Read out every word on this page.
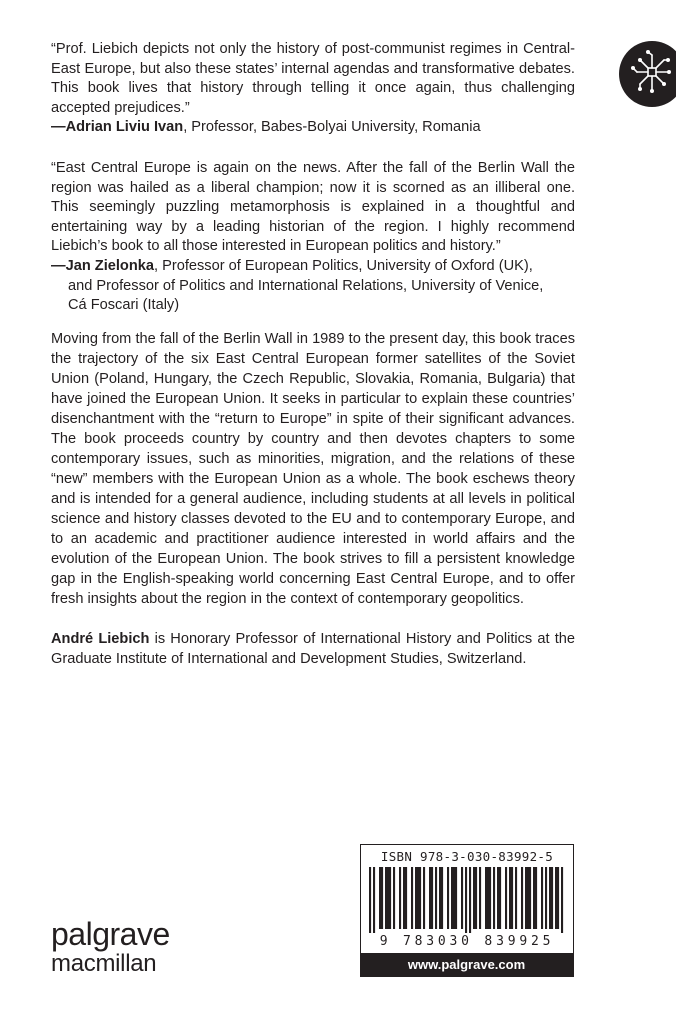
“Prof. Liebich depicts not only the history of post-communist regimes in Central-East Europe, but also these states’ internal agendas and transformative debates. This book lives that history through telling it once again, thus challenging accepted prejudices.”
—Adrian Liviu Ivan, Professor, Babes-Bolyai University, Romania
“East Central Europe is again on the news. After the fall of the Berlin Wall the region was hailed as a liberal champion; now it is scorned as an illiberal one. This seemingly puzzling metamorphosis is explained in a thoughtful and entertaining way by a leading historian of the region. I highly recommend Liebich’s book to all those interested in European politics and history.”
—Jan Zielonka, Professor of European Politics, University of Oxford (UK),
and Professor of Politics and International Relations, University of Venice,
Cá Foscari (Italy)
Moving from the fall of the Berlin Wall in 1989 to the present day, this book traces the trajectory of the six East Central European former satellites of the Soviet Union (Poland, Hungary, the Czech Republic, Slovakia, Romania, Bulgaria) that have joined the European Union. It seeks in particular to explain these countries’ disenchantment with the “return to Europe” in spite of their significant advances. The book proceeds country by country and then devotes chapters to some contemporary issues, such as minorities, migration, and the relations of these “new” members with the European Union as a whole. The book eschews theory and is intended for a general audience, including students at all levels in political science and history classes devoted to the EU and to contemporary Europe, and to an academic and practitioner audience interested in world affairs and the evolution of the European Union. The book strives to fill a persistent knowledge gap in the English-speaking world concerning East Central Europe, and to offer fresh insights about the region in the context of contemporary geopolitics.
André Liebich is Honorary Professor of International History and Politics at the Graduate Institute of International and Development Studies, Switzerland.
ISBN 978-3-030-83992-5
9 783030 839925
www.palgrave.com
palgrave
macmillan
